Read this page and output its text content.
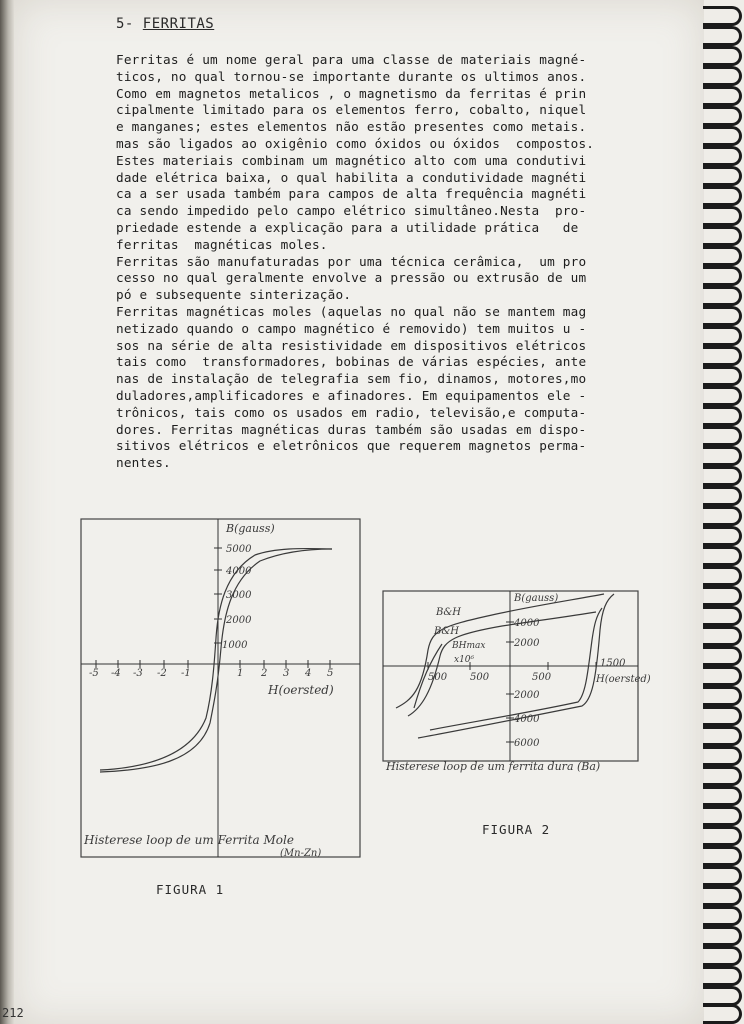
5- FERRITAS

Ferritas é um nome geral para uma classe de materiais magné-

ticos, no qual tornou-se importante durante os ultimos anos.

Como em magnetos metalicos , o magnetismo da ferritas é prin

cipalmente limitado para os elementos ferro, cobalto, niquel

e manganes; estes elementos não estão presentes como metais.

mas são ligados ao oxigênio como óxidos ou óxidos  compostos.

Estes materiais combinam um magnético alto com uma condutivi

dade elétrica baixa, o qual habilita a condutividade magnéti

ca a ser usada também para campos de alta frequência magnéti

ca sendo impedido pelo campo elétrico simultâneo.Nesta  pro-

priedade estende a explicação para a utilidade prática   de

ferritas  magnéticas moles.

Ferritas são manufaturadas por uma técnica cerâmica,  um pro

cesso no qual geralmente envolve a pressão ou extrusão de um

pó e subsequente sinterização.

Ferritas magnéticas moles (aquelas no qual não se mantem mag

netizado quando o campo magnético é removido) tem muitos u -

sos na série de alta resistividade em dispositivos elétricos

tais como  transformadores, bobinas de várias espécies, ante

nas de instalação de telegrafia sem fio, dinamos, motores,mo

duladores,amplificadores e afinadores. Em equipamentos ele -

trônicos, tais como os usados em radio, televisão,e computa-

dores. Ferritas magnéticas duras também são usadas em dispo-

sitivos elétricos e eletrônicos que requerem magnetos perma-

nentes.

B(gauss)
5000
4000
3000
2000
1000
-5 -4 -3 -2 -1	1 2 3 4 5
H(oersted)
Histerese loop de um Ferrita Mole
(Mn-Zn)
FIGURA 1
B(gauss)
B&H
B&H
BHmax
x10⁶
4000
2000
2000
4000
6000
500 500	500
1500
H(oersted)
Histerese loop de um ferrita dura (Ba)
FIGURA 2
212
